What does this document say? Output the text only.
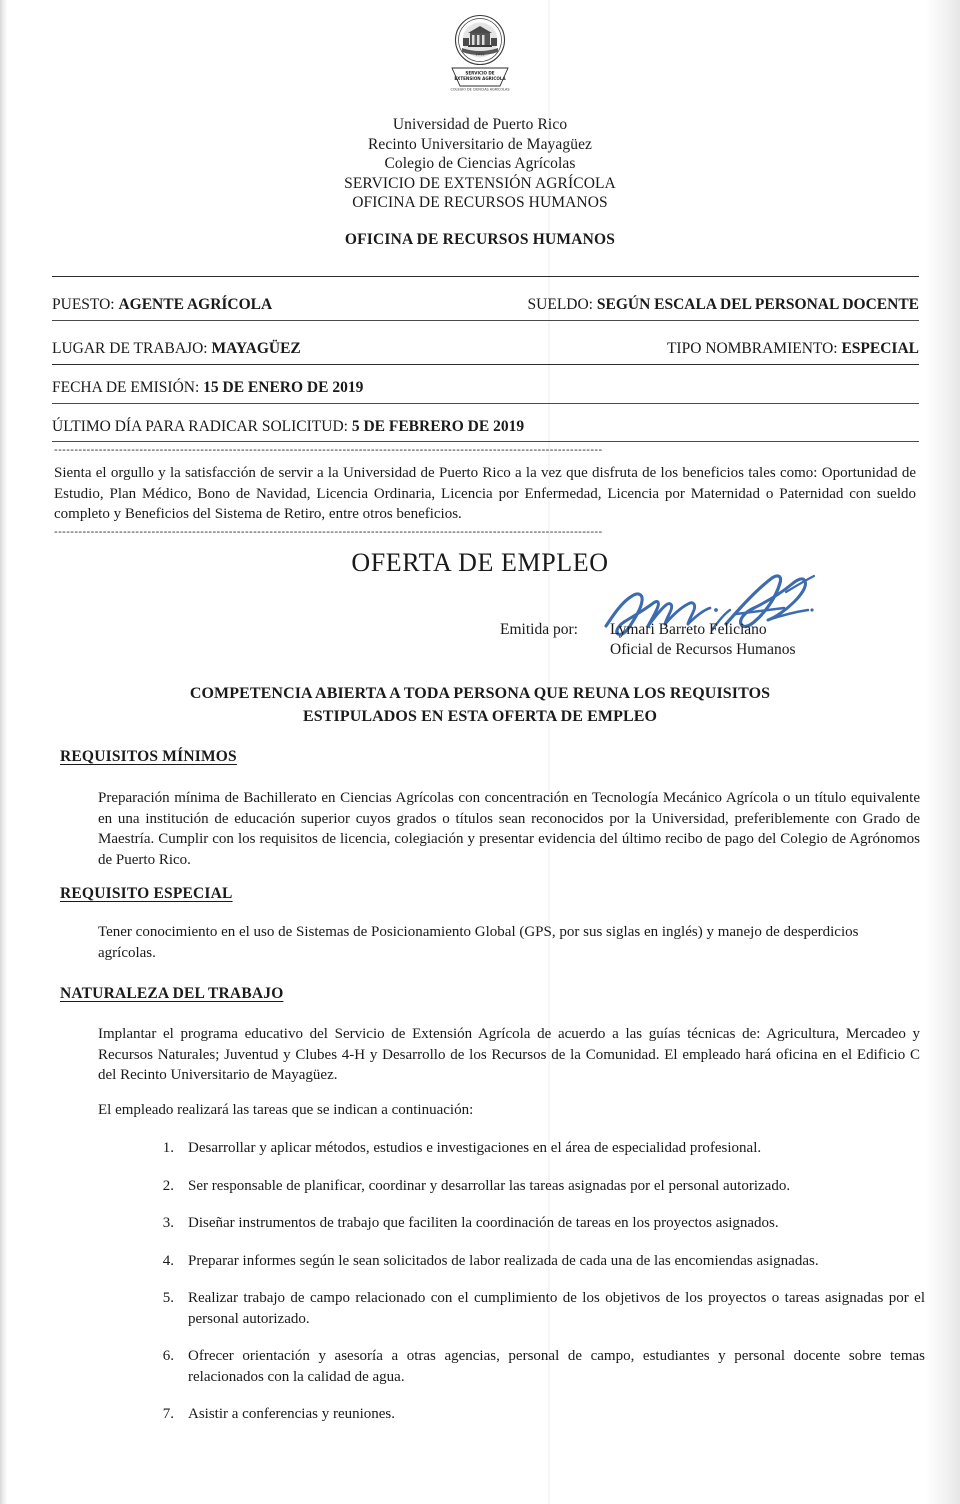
1911
SERVICIO DE
EXTENSION AGRICOLA
COLEGIO DE CIENCIAS AGRICOLAS
Universidad de Puerto Rico
Recinto Universitario de Mayagüez
Colegio de Ciencias Agrícolas
SERVICIO DE EXTENSIÓN AGRÍCOLA
OFICINA DE RECURSOS HUMANOS
OFICINA DE RECURSOS HUMANOS
PUESTO: AGENTE AGRÍCOLA	SUELDO: SEGÚN ESCALA DEL PERSONAL DOCENTE
LUGAR DE TRABAJO: MAYAGÜEZ	TIPO NOMBRAMIENTO: ESPECIAL
FECHA DE EMISIÓN: 15 DE ENERO DE 2019
ÚLTIMO DÍA PARA RADICAR SOLICITUD: 5 DE FEBRERO DE 2019
---------------------------------------------------------------------------------------------------------------------------------------
Sienta el orgullo y la satisfacción de servir a la Universidad de Puerto Rico a la vez que disfruta de los beneficios tales como: Oportunidad de Estudio, Plan Médico, Bono de Navidad, Licencia Ordinaria, Licencia por Enfermedad, Licencia por Maternidad o Paternidad con sueldo completo y Beneficios del Sistema de Retiro, entre otros beneficios.
---------------------------------------------------------------------------------------------------------------------------------------
OFERTA DE EMPLEO
Emitida por: Lymari Barreto Feliciano
Oficial de Recursos Humanos
COMPETENCIA ABIERTA A TODA PERSONA QUE REUNA LOS REQUISITOS
ESTIPULADOS EN ESTA OFERTA DE EMPLEO
REQUISITOS MÍNIMOS
Preparación mínima de Bachillerato en Ciencias Agrícolas con concentración en Tecnología Mecánico Agrícola o un título equivalente en una institución de educación superior cuyos grados o títulos sean reconocidos por la Universidad, preferiblemente con Grado de Maestría. Cumplir con los requisitos de licencia, colegiación y presentar evidencia del último recibo de pago del Colegio de Agrónomos de Puerto Rico.
REQUISITO ESPECIAL
Tener conocimiento en el uso de Sistemas de Posicionamiento Global (GPS, por sus siglas en inglés) y manejo de desperdicios agrícolas.
NATURALEZA DEL TRABAJO
Implantar el programa educativo del Servicio de Extensión Agrícola de acuerdo a las guías técnicas de: Agricultura, Mercadeo y Recursos Naturales; Juventud y Clubes 4-H y Desarrollo de los Recursos de la Comunidad. El empleado hará oficina en el Edificio C del Recinto Universitario de Mayagüez.
El empleado realizará las tareas que se indican a continuación:
1. Desarrollar y aplicar métodos, estudios e investigaciones en el área de especialidad profesional.
2. Ser responsable de planificar, coordinar y desarrollar las tareas asignadas por el personal autorizado.
3. Diseñar instrumentos de trabajo que faciliten la coordinación de tareas en los proyectos asignados.
4. Preparar informes según le sean solicitados de labor realizada de cada una de las encomiendas asignadas.
5. Realizar trabajo de campo relacionado con el cumplimiento de los objetivos de los proyectos o tareas asignadas por el personal autorizado.
6. Ofrecer orientación y asesoría a otras agencias, personal de campo, estudiantes y personal docente sobre temas relacionados con la calidad de agua.
7. Asistir a conferencias y reuniones.
